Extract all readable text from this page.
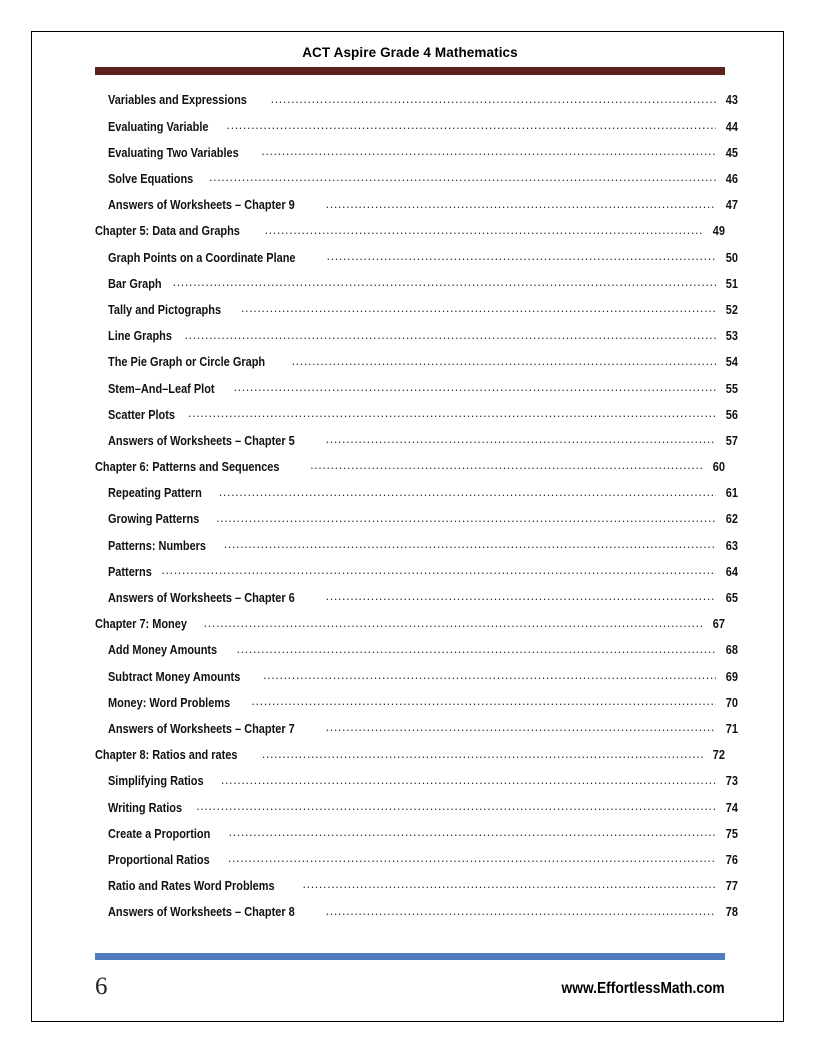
ACT Aspire Grade 4 Mathematics
Variables and Expressions .....	43
Evaluating Variable .....	44
Evaluating Two Variables .....	45
Solve Equations .....	46
Answers of Worksheets – Chapter 9 .....	47
Chapter 5: Data and Graphs .....	49
Graph Points on a Coordinate Plane .....	50
Bar Graph .....	51
Tally and Pictographs .....	52
Line Graphs .....	53
The Pie Graph or Circle Graph .....	54
Stem–And–Leaf Plot .....	55
Scatter Plots .....	56
Answers of Worksheets – Chapter 5 .....	57
Chapter 6: Patterns and Sequences .....	60
Repeating Pattern .....	61
Growing Patterns .....	62
Patterns: Numbers .....	63
Patterns .....	64
Answers of Worksheets – Chapter 6 .....	65
Chapter 7: Money .....	67
Add Money Amounts .....	68
Subtract Money Amounts .....	69
Money: Word Problems .....	70
Answers of Worksheets – Chapter 7 .....	71
Chapter 8: Ratios and rates .....	72
Simplifying Ratios .....	73
Writing Ratios .....	74
Create a Proportion .....	75
Proportional Ratios .....	76
Ratio and Rates Word Problems .....	77
Answers of Worksheets – Chapter 8 .....	78
6	www.EffortlessMath.com
